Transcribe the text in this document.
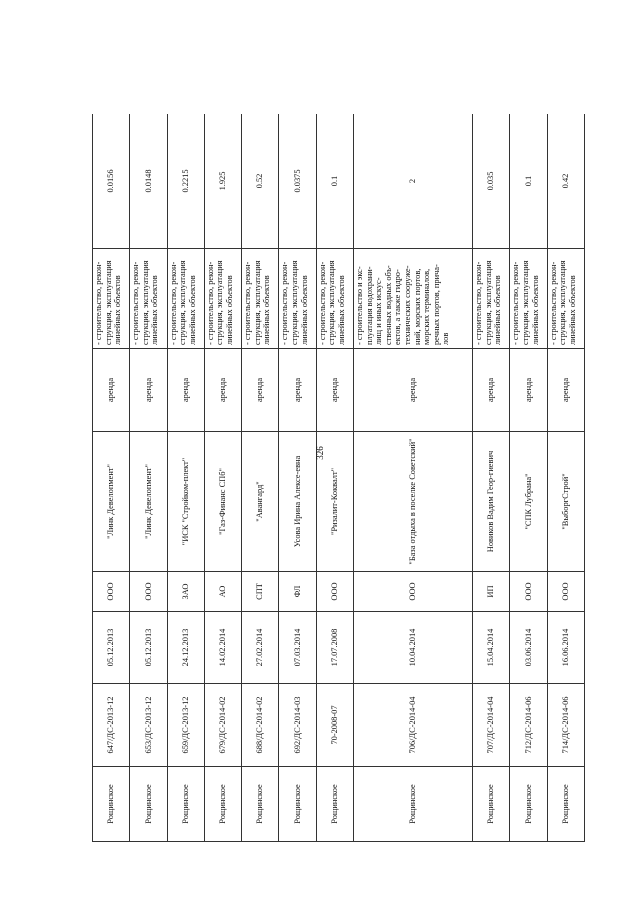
Рощинское	647/ДС-2013-12	05.12.2013	ООО	"Линк Девелопмент"	аренда	- строительство, рекон-струкция, эксплуатация линейных объектов	0.0156
Рощинское	653/ДС-2013-12	05.12.2013	ООО	"Линк Девелопмент"	аренда	- строительство, рекон-струкция, эксплуатация линейных объектов	0.0148
Рощинское	659/ДС-2013-12	24.12.2013	ЗАО	"ИСК "Стройком-плект"	аренда	- строительство, рекон-струкция, эксплуатация линейных объектов	0.2215
Рощинское	679/ДС-2014-02	14.02.2014	АО	"Газ-Финанс СПб"	аренда	- строительство, рекон-струкция, эксплуатация линейных объектов	1.925
Рощинское	688/ДС-2014-02	27.02.2014	СПТ	"Авангард"	аренда	- строительство, рекон-струкция, эксплуатация линейных объектов	0.52
Рощинское	692/ДС-2014-03	07.03.2014	ФЛ	Усова Ирина Алексе-евна	аренда	- строительство, рекон-струкция, эксплуатация линейных объектов	0.0375
Рощинское	70-2008-07	17.07.2008	ООО	"Ризалит-Коквалт"	аренда	- строительство, рекон-струкция, эксплуатация линейных объектов	0.1
Рощинское	706/ДС-2014-04	10.04.2014	ООО	"База отдыха в поселке Советский"	аренда	- строительство и экс-плуатация водохрани-лищ и иных искус-ственных водных объ-ектов, а также гидро-технических сооруже-ний, морских портов, морских терминалов, речных портов, прича-лов	2
Рощинское	707/ДС-2014-04	15.04.2014	ИП	Новиков Вадим Геор-гиевич	аренда	- строительство, рекон-струкция, эксплуатация линейных объектов	0.035
Рощинское	712/ДС-2014-06	03.06.2014	ООО	"СПК Лубрана"	аренда	- строительство, рекон-струкция, эксплуатация линейных объектов	0.1
Рощинское	714/ДС-2014-06	16.06.2014	ООО	"ВыборгСтрой"	аренда	- строительство, рекон-струкция, эксплуатация линейных объектов	0.42
326
